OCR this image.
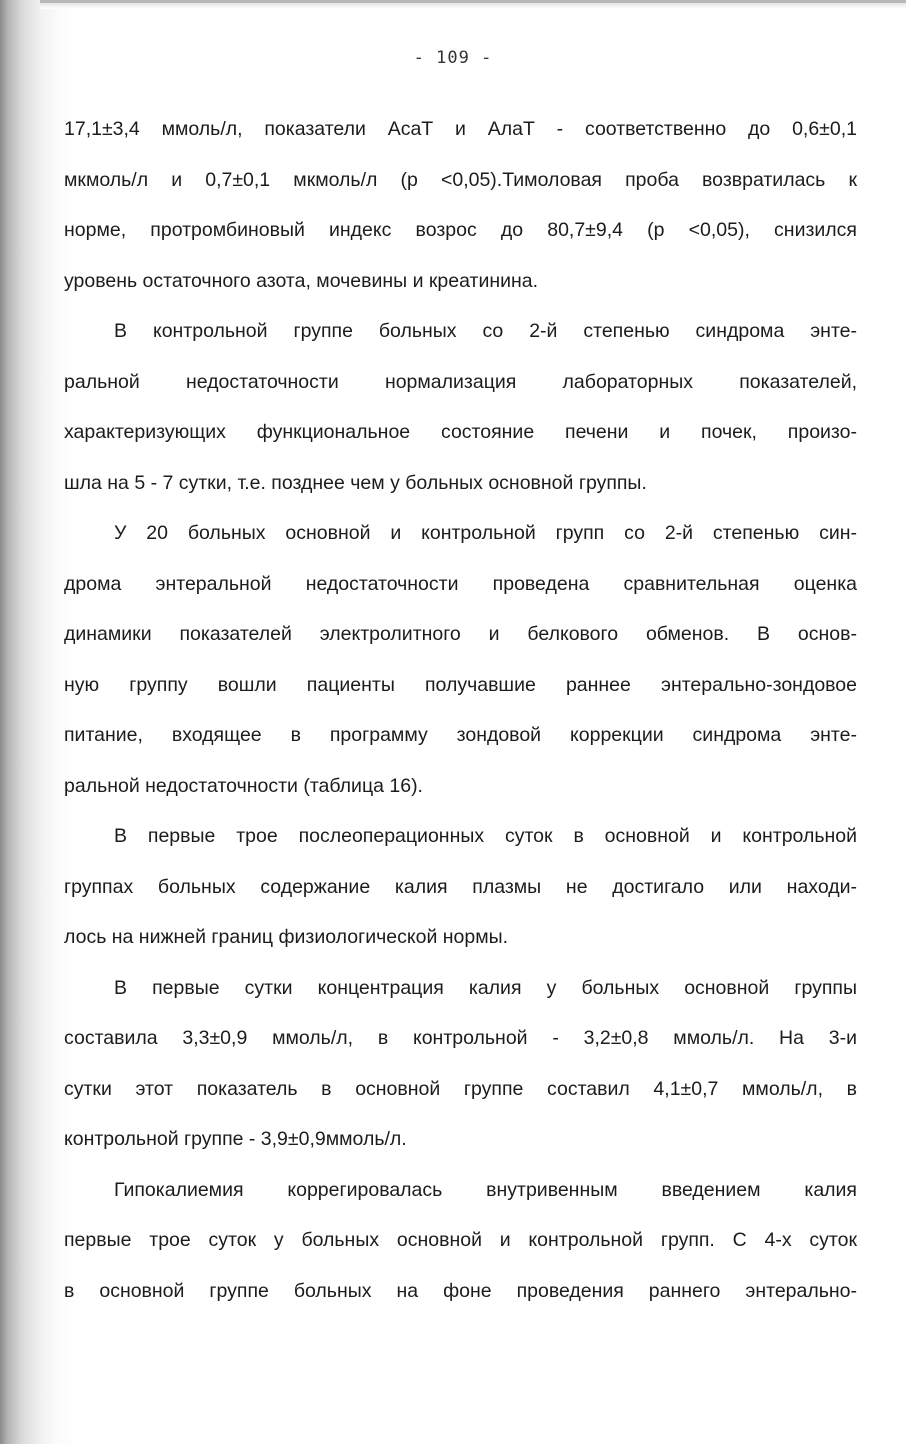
- 109 -
17,1±3,4 ммоль/л, показатели АсаТ и АлаТ - соответственно до 0,6±0,1
мкмоль/л и 0,7±0,1 мкмоль/л (р <0,05).Тимоловая проба возвратилась к
норме, протромбиновый индекс возрос до 80,7±9,4 (р <0,05), снизился
уровень остаточного азота, мочевины и креатинина.
В контрольной группе больных со 2-й степенью синдрома энте-
ральной недостаточности нормализация лабораторных показателей,
характеризующих функциональное состояние печени и почек, произо-
шла на 5 - 7 сутки, т.е. позднее чем у больных основной группы.
У 20 больных основной и контрольной групп со 2-й степенью син-
дрома энтеральной недостаточности проведена сравнительная оценка
динамики показателей электролитного и белкового обменов. В основ-
ную группу вошли пациенты получавшие раннее энтерально-зондовое
питание, входящее в программу зондовой коррекции синдрома энте-
ральной недостаточности (таблица 16).
В первые трое послеоперационных суток в основной и контрольной
группах больных содержание калия плазмы не достигало или находи-
лось на нижней границ физиологической нормы.
В первые сутки концентрация калия у больных основной группы
составила 3,3±0,9 ммоль/л, в контрольной - 3,2±0,8 ммоль/л. На 3-и
сутки этот показатель в основной группе составил 4,1±0,7 ммоль/л, в
контрольной группе - 3,9±0,9ммоль/л.
Гипокалиемия коррегировалась внутривенным введением калия
первые трое суток у больных основной и контрольной групп. С 4-х суток
в основной группе больных на фоне проведения раннего энтерально-
